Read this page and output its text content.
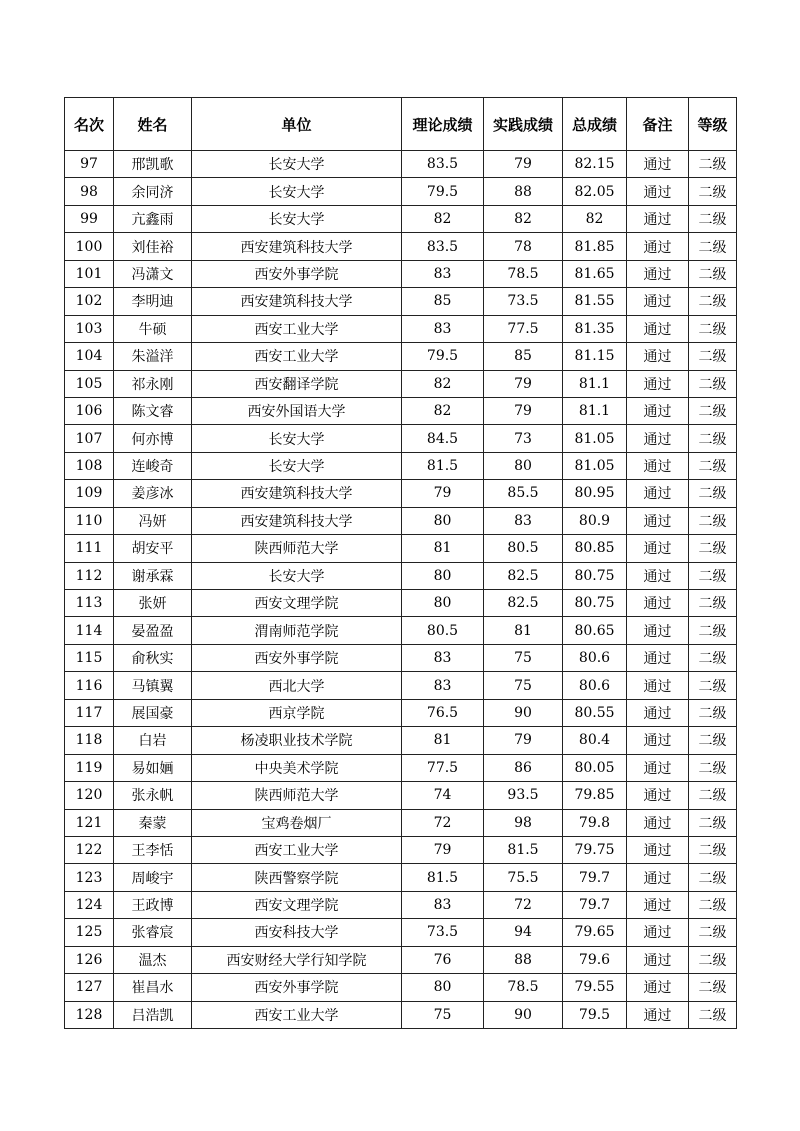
名次	姓名	单位	理论成绩	实践成绩	总成绩	备注	等级
97	邢凯歌	长安大学	83.5	79	82.15	通过	二级
98	余同济	长安大学	79.5	88	82.05	通过	二级
99	亢鑫雨	长安大学	82	82	82	通过	二级
100	刘佳裕	西安建筑科技大学	83.5	78	81.85	通过	二级
101	冯潇文	西安外事学院	83	78.5	81.65	通过	二级
102	李明迪	西安建筑科技大学	85	73.5	81.55	通过	二级
103	牛硕	西安工业大学	83	77.5	81.35	通过	二级
104	朱溢洋	西安工业大学	79.5	85	81.15	通过	二级
105	祁永刚	西安翻译学院	82	79	81.1	通过	二级
106	陈文睿	西安外国语大学	82	79	81.1	通过	二级
107	何亦博	长安大学	84.5	73	81.05	通过	二级
108	连峻奇	长安大学	81.5	80	81.05	通过	二级
109	姜彦冰	西安建筑科技大学	79	85.5	80.95	通过	二级
110	冯妍	西安建筑科技大学	80	83	80.9	通过	二级
111	胡安平	陕西师范大学	81	80.5	80.85	通过	二级
112	谢承霖	长安大学	80	82.5	80.75	通过	二级
113	张妍	西安文理学院	80	82.5	80.75	通过	二级
114	晏盈盈	渭南师范学院	80.5	81	80.65	通过	二级
115	俞秋实	西安外事学院	83	75	80.6	通过	二级
116	马镇翼	西北大学	83	75	80.6	通过	二级
117	展国豪	西京学院	76.5	90	80.55	通过	二级
118	白岩	杨凌职业技术学院	81	79	80.4	通过	二级
119	易如婳	中央美术学院	77.5	86	80.05	通过	二级
120	张永帆	陕西师范大学	74	93.5	79.85	通过	二级
121	秦蒙	宝鸡卷烟厂	72	98	79.8	通过	二级
122	王李恬	西安工业大学	79	81.5	79.75	通过	二级
123	周峻宇	陕西警察学院	81.5	75.5	79.7	通过	二级
124	王政博	西安文理学院	83	72	79.7	通过	二级
125	张睿宸	西安科技大学	73.5	94	79.65	通过	二级
126	温杰	西安财经大学行知学院	76	88	79.6	通过	二级
127	崔昌水	西安外事学院	80	78.5	79.55	通过	二级
128	吕浩凯	西安工业大学	75	90	79.5	通过	二级
